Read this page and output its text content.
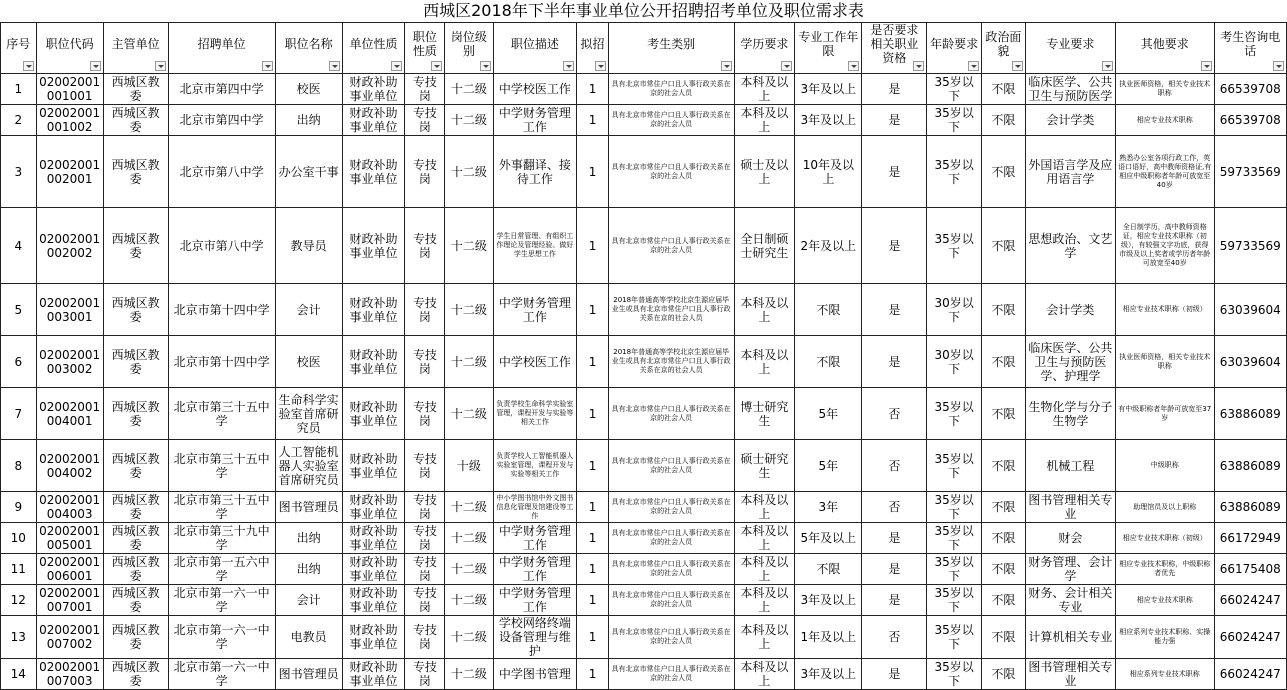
西城区2018年下半年事业单位公开招聘招考单位及职位需求表
序号	职位代码	主管单位	招聘单位	职位名称	单位性质	职位性质	岗位级别	职位描述	拟招	考生类别	学历要求	专业工作年限	是否要求相关职业资格	年龄要求	政治面貌	专业要求	其他要求	考生咨询电话

1	02002001001001	西城区教委	北京市第四中学	校医	财政补助事业单位	专技岗	十二级	中学校医工作	1	具有北京市常住户口且人事行政关系在京的社会人员	本科及以上	3年及以上	是	35岁以下	不限	临床医学、公共卫生与预防医学	执业医师资格，相关专业技术职称	66539708
2	02002001001002	西城区教委	北京市第四中学	出纳	财政补助事业单位	专技岗	十二级	中学财务管理工作	1	具有北京市常住户口且人事行政关系在京的社会人员	本科及以上	3年及以上	是	35岁以下	不限	会计学类	相应专业技术职称	66539708
3	02002001002001	西城区教委	北京市第八中学	办公室干事	财政补助事业单位	专技岗	十二级	外事翻译、接待工作	1	具有北京市常住户口且人事行政关系在京的社会人员	硕士及以上	10年及以上	是	35岁以下	不限	外国语言学及应用语言学	熟悉办公室各项行政工作，英语口语好，高中教师资格证,有相应中级职称者年龄可放宽至40岁	59733569
4	02002001002002	西城区教委	北京市第八中学	教导员	财政补助事业单位	专技岗	十二级	学生日常管理、有组织工作理论及管理经验、做好学生思想工作	1	具有北京市常住户口且人事行政关系在京的社会人员	全日制硕士研究生	2年及以上	是	35岁以下	不限	思想政治、文艺学	全日制学历，高中教师资格证，相应专业技术职称（初级），有较强文字功底，获得市级及以上奖者或学历者年龄可放宽至40岁	59733569
5	02002001003001	西城区教委	北京市第十四中学	会计	财政补助事业单位	专技岗	十二级	中学财务管理工作	1	2018年普通高等学校北京生源应届毕业生或具有北京市常住户口且人事行政关系在京的社会人员	本科及以上	不限	是	30岁以下	不限	会计学类	相应专业技术职称（初级）	63039604
6	02002001003002	西城区教委	北京市第十四中学	校医	财政补助事业单位	专技岗	十二级	中学校医工作	1	2018年普通高等学校北京生源应届毕业生或具有北京市常住户口且人事行政关系在京的社会人员	本科及以上	不限	是	30岁以下	不限	临床医学、公共卫生与预防医学、护理学	执业医师资格，相关专业技术职称	63039604
7	02002001004001	西城区教委	北京市第三十五中学	生命科学实验室首席研究员	财政补助事业单位	专技岗	十二级	负责学校生命科学实验室管理，课程开发与实验等相关工作	1	具有北京市常住户口且人事行政关系在京的社会人员	博士研究生	5年	否	35岁以下	不限	生物化学与分子生物学	有中级职称者年龄可放宽至37岁	63886089
8	02002001004002	西城区教委	北京市第三十五中学	人工智能机器人实验室首席研究员	财政补助事业单位	专技岗	十级	负责学校人工智能机器人实验室管理，课程开发与实验等相关工作	1	具有北京市常住户口且人事行政关系在京的社会人员	硕士研究生	5年	否	35岁以下	不限	机械工程	中级职称	63886089
9	02002001004003	西城区教委	北京市第三十五中学	图书管理员	财政补助事业单位	专技岗	十二级	中小学图书馆中外文图书信息化管理及馆建设等工作	1	具有北京市常住户口且人事行政关系在京的社会人员	本科及以上	3年	否	35岁以下	不限	图书管理相关专业	助理馆员及以上职称	63886089
10	02002001005001	西城区教委	北京市第三十九中学	出纳	财政补助事业单位	专技岗	十二级	中学财务管理工作	1	具有北京市常住户口且人事行政关系在京的社会人员	本科及以上	5年及以上	是	35岁以下	不限	财会	相应专业技术职称（初级）	66172949
11	02002001006001	西城区教委	北京市第一五六中学	出纳	财政补助事业单位	专技岗	十二级	中学财务管理工作	1	具有北京市常住户口且人事行政关系在京的社会人员	本科及以上	不限	是	35岁以下	不限	财务管理、会计学	相应专业技术职称，中级职称者优先	66175408
12	02002001007001	西城区教委	北京市第一六一中学	会计	财政补助事业单位	专技岗	十二级	中学财务管理工作	1	具有北京市常住户口且人事行政关系在京的社会人员	本科及以上	3年及以上	是	35岁以下	不限	财务、会计相关专业	相应专业技术职称	66024247
13	02002001007002	西城区教委	北京市第一六一中学	电教员	财政补助事业单位	专技岗	十二级	学校网络终端设备管理与维护	1	具有北京市常住户口且人事行政关系在京的社会人员	本科及以上	1年及以上	否	35岁以下	不限	计算机相关专业	相应系列专业技术职称、实操能力强	66024247
14	02002001007003	西城区教委	北京市第一六一中学	图书管理员	财政补助事业单位	专技岗	十二级	中学图书管理	1	具有北京市常住户口且人事行政关系在京的社会人员	本科及以上	3年及以上	是	35岁以下	不限	图书管理相关专业	相应系列专业技术职称	66024247
